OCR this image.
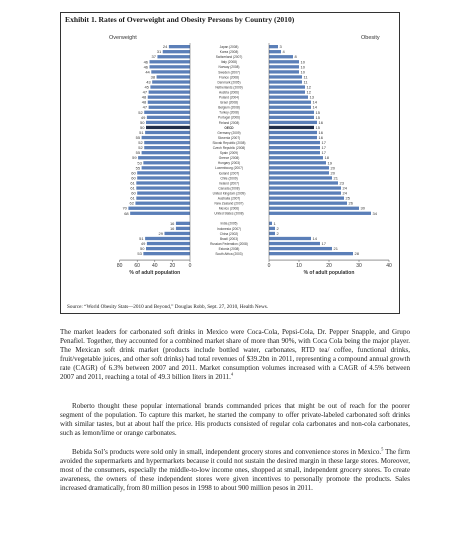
Exhibit 1. Rates of Overweight and Obesity Persons by Country (2010)
Overweight	Obesity
24	3
Japan (2008)
31	4
Korea (2008)
37	8
Switzerland (2007)
46	10
Italy (2008)
46	10
Norway (2008)
44	10
Sweden (2007)
38	11
France (2008)
43	11
Denmark (2005)
45	12
Netherlands (2009)
47	12
Austria (2006)
48	13
Poland (2004)
48	14
Israel (2008)
47	14
Belgium (2008)
52	15
Turkey (2008)
49	15
Portugal (2006)
50	16
Finland (2008)
50	15
OECD
51	16
Germany (2009)
55	16
Slovenia (2007)
52	17
Slovak Republic (2008)
52	17
Czech Republic (2008)
55	17
Spain (2009)
59	18
Greece (2008)
53	19
Hungary (2003)
55	20
Luxembourg (2007)
60	20
Iceland (2007)
60	21
Chile (2009)
61	23
Ireland (2007)
61	24
Canada (2008)
60	24
United Kingdom (2009)
61	25
Australia (2007)
62	26
New Zealand (2007)
70	30
Mexico (2006)
68	34
United States (2008)
16	1
India (2005)
16	2
Indonesia (2007)
29	2
China (2002)
51	14
Brazil (2003)
49	17
Russian Federation (2008)
50	21
Estonia (2008)
53	28
South Africa (2003)
80 60 40 20	0	0	10	20	30	40
% of adult population	% of adult population
Source: “World Obesity Stats—2010 and Beyond,” Douglas Robb, Sept. 27, 2010, Health News.

The market leaders for carbonated soft drinks in Mexico were Coca-Cola, Pepsi-Cola, Dr. Pepper Snapple, and Grupo Penafiel. Together, they accounted for a combined market share of more than 90%, with Coca Cola being the major player. The Mexican soft drink market (products include bottled water, carbonates, RTD tea/ coffee, functional drinks, fruit/vegetable juices, and other soft drinks) had total revenues of $39.2bn in 2011, representing a compound annual growth rate (CAGR) of 6.3% between 2007 and 2011. Market consumption volumes increased with a CAGR of 4.5% between 2007 and 2011, reaching a total of 49.3 billion liters in 2011.$^4$

Roberto thought these popular international brands commanded prices that might be out of reach for the poorer segment of the population. To capture this market, he started the company to offer private-labeled carbonated soft drinks with similar tastes, but at about half the price. His products consisted of regular cola carbonates and non-cola carbonates, such as lemon/lime or orange carbonates.

Bebida Sol’s products were sold only in small, independent grocery stores and convenience stores in Mexico.$^5$ The firm avoided the supermarkets and hypermarkets because it could not sustain the desired margin in these large stores. Moreover, most of the consumers, especially the middle-to-low income ones, shopped at small, independent grocery stores. To create awareness, the owners of these independent stores were given incentives to personally promote the products. Sales increased dramatically, from 80 million pesos in 1998 to about 900 million pesos in 2011.
